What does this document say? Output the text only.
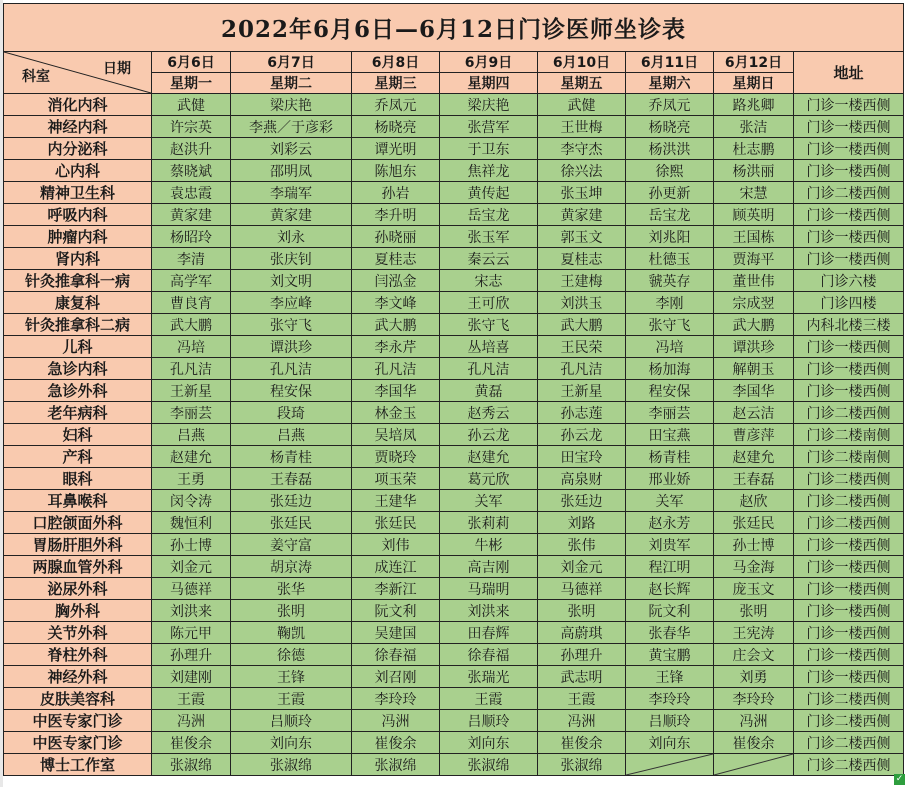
2022年6月6日—6月12日门诊医师坐诊表								

日期
科室	6月6日	6月7日	6月8日	6月9日	6月10日	6月11日	6月12日	地址
	星期一	星期二	星期三	星期四	星期五	星期六	星期日	
消化内科	武健	梁庆艳	乔凤元	梁庆艳	武健	乔凤元	路兆卿	门诊一楼西侧
神经内科	许宗英	李燕／于彦彩	杨晓亮	张营军	王世梅	杨晓亮	张洁	门诊一楼西侧
内分泌科	赵洪升	刘彩云	谭光明	于卫东	李守杰	杨洪洪	杜志鹏	门诊一楼西侧
心内科	蔡晓斌	邵明凤	陈旭东	焦祥龙	徐兴法	徐熙	杨洪丽	门诊一楼西侧
精神卫生科	袁忠霞	李瑞军	孙岩	黄传起	张玉坤	孙更新	宋慧	门诊二楼西侧
呼吸内科	黄家建	黄家建	李升明	岳宝龙	黄家建	岳宝龙	顾英明	门诊一楼西侧
肿瘤内科	杨昭玲	刘永	孙晓丽	张玉军	郭玉文	刘兆阳	王国栋	门诊一楼西侧
肾内科	李清	张庆钊	夏桂志	秦云云	夏桂志	杜德玉	贾海平	门诊一楼西侧
针灸推拿科一病	高学军	刘文明	闫泓金	宋志	王建梅	虢英存	董世伟	门诊六楼
康复科	曹良宵	李应峰	李文峰	王可欣	刘洪玉	李刚	宗成翌	门诊四楼
针灸推拿科二病	武大鹏	张守飞	武大鹏	张守飞	武大鹏	张守飞	武大鹏	内科北楼三楼
儿科	冯培	谭洪珍	李永芹	丛培喜	王民荣	冯培	谭洪珍	门诊一楼西侧
急诊内科	孔凡洁	孔凡洁	孔凡洁	孔凡洁	孔凡洁	杨加海	解朝玉	门诊一楼西侧
急诊外科	王新星	程安保	李国华	黄磊	王新星	程安保	李国华	门诊一楼西侧
老年病科	李丽芸	段琦	林金玉	赵秀云	孙志莲	李丽芸	赵云洁	门诊二楼西侧
妇科	吕燕	吕燕	吴培凤	孙云龙	孙云龙	田宝燕	曹彦萍	门诊二楼南侧
产科	赵建允	杨青桂	贾晓玲	赵建允	田宝玲	杨青桂	赵建允	门诊二楼南侧
眼科	王勇	王春磊	项玉荣	葛元欣	高泉财	邢业娇	王春磊	门诊二楼西侧
耳鼻喉科	闵令涛	张廷边	王建华	关军	张廷边	关军	赵欣	门诊二楼西侧
口腔颌面外科	魏恒利	张廷民	张廷民	张莉莉	刘路	赵永芳	张廷民	门诊二楼西侧
胃肠肝胆外科	孙士博	姜守富	刘伟	牛彬	张伟	刘贵军	孙士博	门诊一楼西侧
两腺血管外科	刘金元	胡京涛	成连江	高吉刚	刘金元	程江明	马金海	门诊一楼西侧
泌尿外科	马德祥	张华	李新江	马瑞明	马德祥	赵长辉	庞玉文	门诊一楼西侧
胸外科	刘洪来	张明	阮文利	刘洪来	张明	阮文利	张明	门诊一楼西侧
关节外科	陈元甲	鞠凯	吴建国	田春辉	高蔚琪	张春华	王宪涛	门诊一楼西侧
脊柱外科	孙理升	徐德	徐春福	徐春福	孙理升	黄宝鹏	庄会文	门诊一楼西侧
神经外科	刘建刚	王锋	刘召刚	张瑞光	武志明	王锋	刘勇	门诊一楼西侧
皮肤美容科	王霞	王霞	李玲玲	王霞	王霞	李玲玲	李玲玲	门诊二楼西侧
中医专家门诊	冯洲	吕顺玲	冯洲	吕顺玲	冯洲	吕顺玲	冯洲	门诊二楼西侧
中医专家门诊	崔俊余	刘向东	崔俊余	刘向东	崔俊余	刘向东	崔俊余	门诊二楼西侧
博士工作室	张淑绵	张淑绵	张淑绵	张淑绵	张淑绵			门诊二楼西侧
✓
